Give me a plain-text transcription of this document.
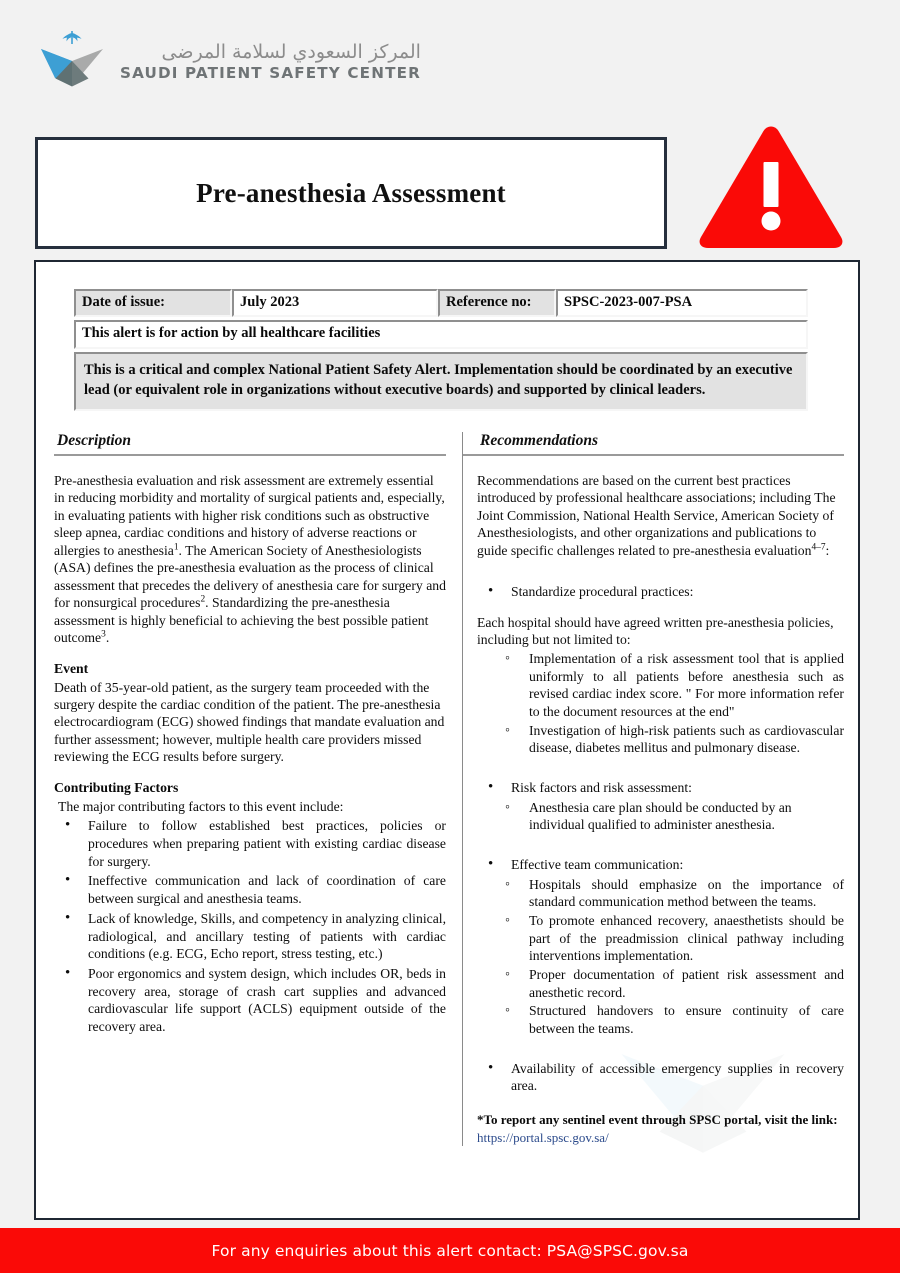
المركز السعودي لسلامة المرضى
SAUDI PATIENT SAFETY CENTER
Pre-anesthesia Assessment
Date of issue:	July 2023	Reference no:	SPSC-2023-007-PSA
This alert is for action by all healthcare facilities
This is a critical and complex National Patient Safety Alert. Implementation should be coordinated by an executive lead (or equivalent role in organizations without executive boards) and supported by clinical leaders.
Description

Pre-anesthesia evaluation and risk assessment are extremely essential in reducing morbidity and mortality of surgical patients and, especially, in evaluating patients with higher risk conditions such as obstructive sleep apnea, cardiac conditions and history of adverse reactions or allergies to anesthesia$^1$. The American Society of Anesthesiologists (ASA) defines the pre-anesthesia evaluation as the process of clinical assessment that precedes the delivery of anesthesia care for surgery and for nonsurgical procedures$^2$. Standardizing the pre-anesthesia assessment is highly beneficial to achieving the best possible patient outcome$^3$.

Event

Death of 35-year-old patient, as the surgery team proceeded with the surgery despite the cardiac condition of the patient. The pre-anesthesia electrocardiogram (ECG) showed findings that mandate evaluation and further assessment; however, multiple health care providers missed reviewing the ECG results before surgery.

Contributing Factors
The major contributing factors to this event include:
• Failure to follow established best practices, policies or procedures when preparing patient with existing cardiac disease for surgery.
• Ineffective communication and lack of coordination of care between surgical and anesthesia teams.
• Lack of knowledge, Skills, and competency in analyzing clinical, radiological, and ancillary testing of patients with cardiac conditions (e.g. ECG, Echo report, stress testing, etc.)
• Poor ergonomics and system design, which includes OR, beds in recovery area, storage of crash cart supplies and advanced cardiovascular life support (ACLS) equipment outside of the recovery area.
Recommendations

Recommendations are based on the current best practices introduced by professional healthcare associations; including The Joint Commission, National Health Service, American Society of Anesthesiologists, and other organizations and publications to guide specific challenges related to pre-anesthesia evaluation$^{4-7}$:

• Standardize procedural practices:

Each hospital should have agreed written pre-anesthesia policies, including but not limited to:

◦ Implementation of a risk assessment tool that is applied uniformly to all patients before anesthesia such as revised cardiac index score. " For more information refer to the document resources at the end"
◦ Investigation of high-risk patients such as cardiovascular disease, diabetes mellitus and pulmonary disease.
• Risk factors and risk assessment:
◦ Anesthesia care plan should be conducted by an individual qualified to administer anesthesia.
• Effective team communication:
◦ Hospitals should emphasize on the importance of standard communication method between the teams.
◦ To promote enhanced recovery, anaesthetists should be part of the preadmission clinical pathway including interventions implementation.
◦ Proper documentation of patient risk assessment and anesthetic record.
◦ Structured handovers to ensure continuity of care between the teams.
• Availability of accessible emergency supplies in recovery area.
*To report any sentinel event through SPSC portal, visit the link: https://portal.spsc.gov.sa/
For any enquiries about this alert contact: PSA@SPSC.gov.sa
